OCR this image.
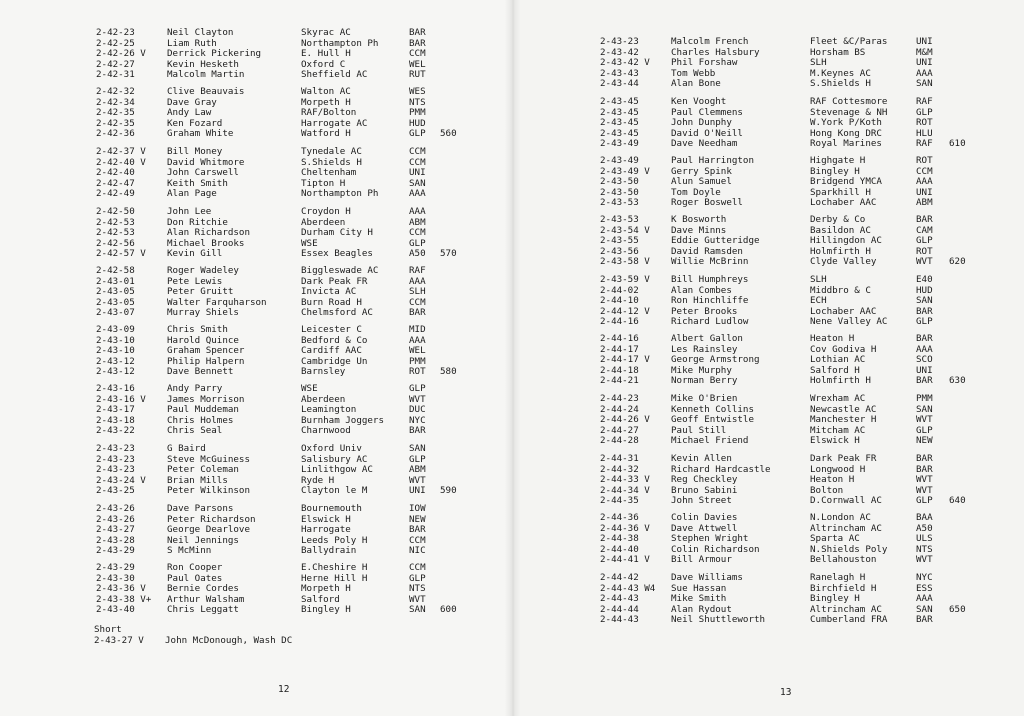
2-42-23	Neil Clayton	Skyrac AC	BAR
2-42-25	Liam Ruth	Northampton Ph	BAR
2-42-26 V Derrick Pickering	E. Hull H	CCM
2-42-27	Kevin Hesketh	Oxford C	WEL
2-42-31	Malcolm Martin	Sheffield AC	RUT
2-42-32	Clive Beauvais	Walton AC	WES
2-42-34	Dave Gray	Morpeth H	NTS
2-42-35	Andy Law	RAF/Bolton	PMM
2-42-35	Ken Fozard	Harrogate AC	HUD
2-42-36	Graham White	Watford H	GLP 560
2-42-37 V Bill Money	Tynedale AC	CCM
2-42-40 V David Whitmore	S.Shields H	CCM
2-42-40	John Carswell	Cheltenham	UNI
2-42-47	Keith Smith	Tipton H	SAN
2-42-49	Alan Page	Northampton Ph	AAA
2-42-50	John Lee	Croydon H	AAA
2-42-53	Don Ritchie	Aberdeen	ABM
2-42-53	Alan Richardson	Durham City H	CCM
2-42-56	Michael Brooks	WSE	GLP
2-42-57 V Kevin Gill	Essex Beagles	A50 570
2-42-58	Roger Wadeley	Biggleswade AC	RAF
2-43-01	Pete Lewis	Dark Peak FR	AAA
2-43-05	Peter Gruitt	Invicta AC	SLH
2-43-05	Walter Farquharson	Burn Road H	CCM
2-43-07	Murray Shiels	Chelmsford AC	BAR
2-43-09	Chris Smith	Leicester C	MID
2-43-10	Harold Quince	Bedford & Co	AAA
2-43-10	Graham Spencer	Cardiff AAC	WEL
2-43-12	Philip Halpern	Cambridge Un	PMM
2-43-12	Dave Bennett	Barnsley	ROT 580
2-43-16	Andy Parry	WSE	GLP
2-43-16 V James Morrison	Aberdeen	WVT
2-43-17	Paul Muddeman	Leamington	DUC
2-43-18	Chris Holmes	Burnham Joggers	NYC
2-43-22	Chris Seal	Charnwood	BAR
2-43-23	G Baird	Oxford Univ	SAN
2-43-23	Steve McGuiness	Salisbury AC	GLP
2-43-23	Peter Coleman	Linlithgow AC	ABM
2-43-24 V Brian Mills	Ryde H	WVT
2-43-25	Peter Wilkinson	Clayton le M	UNI 590
2-43-26	Dave Parsons	Bournemouth	IOW
2-43-26	Peter Richardson	Elswick H	NEW
2-43-27	George Dearlove	Harrogate	BAR
2-43-28	Neil Jennings	Leeds Poly H	CCM
2-43-29	S McMinn	Ballydrain	NIC
2-43-29	Ron Cooper	E.Cheshire H	CCM
2-43-30	Paul Oates	Herne Hill H	GLP
2-43-36 V Bernie Cordes	Morpeth H	NTS
2-43-38 V+ Arthur Walsham	Salford	WVT
2-43-40	Chris Leggatt	Bingley H	SAN 600
Short
2-43-27 V John McDonough, Wash DC
12
2-43-23	Malcolm French	Fleet &C/Paras	UNI
2-43-42	Charles Halsbury	Horsham BS	M&M
2-43-42 V Phil Forshaw	SLH	UNI
2-43-43	Tom Webb	M.Keynes AC	AAA
2-43-44	Alan Bone	S.Shields H	SAN
2-43-45	Ken Vooght	RAF Cottesmore	RAF
2-43-45	Paul Clemmens	Stevenage & NH	GLP
2-43-45	John Dunphy	W.York P/Koth	ROT
2-43-45	David O'Neill	Hong Kong DRC	HLU
2-43-49	Dave Needham	Royal Marines	RAF 610
2-43-49	Paul Harrington	Highgate H	ROT
2-43-49 V Gerry Spink	Bingley H	CCM
2-43-50	Alun Samuel	Bridgend YMCA	AAA
2-43-50	Tom Doyle	Sparkhill H	UNI
2-43-53	Roger Boswell	Lochaber AAC	ABM
2-43-53	K Bosworth	Derby & Co	BAR
2-43-54 V Dave Minns	Basildon AC	CAM
2-43-55	Eddie Gutteridge	Hillingdon AC	GLP
2-43-56	David Ramsden	Holmfirth H	ROT
2-43-58 V Willie McBrinn	Clyde Valley	WVT 620
2-43-59 V Bill Humphreys	SLH	E40
2-44-02	Alan Combes	Middbro & C	HUD
2-44-10	Ron Hinchliffe	ECH	SAN
2-44-12 V Peter Brooks	Lochaber AAC	BAR
2-44-16	Richard Ludlow	Nene Valley AC	GLP
2-44-16	Albert Gallon	Heaton H	BAR
2-44-17	Les Rainsley	Cov Godiva H	AAA
2-44-17 V George Armstrong	Lothian AC	SCO
2-44-18	Mike Murphy	Salford H	UNI
2-44-21	Norman Berry	Holmfirth H	BAR 630
2-44-23	Mike O'Brien	Wrexham AC	PMM
2-44-24	Kenneth Collins	Newcastle AC	SAN
2-44-26 V Geoff Entwistle	Manchester H	WVT
2-44-27	Paul Still	Mitcham AC	GLP
2-44-28	Michael Friend	Elswick H	NEW
2-44-31	Kevin Allen	Dark Peak FR	BAR
2-44-32	Richard Hardcastle	Longwood H	BAR
2-44-33 V Reg Checkley	Heaton H	WVT
2-44-34 V Bruno Sabini	Bolton	WVT
2-44-35	John Street	D.Cornwall AC	GLP 640
2-44-36	Colin Davies	N.London AC	BAA
2-44-36 V Dave Attwell	Altrincham AC	A50
2-44-38	Stephen Wright	Sparta AC	ULS
2-44-40	Colin Richardson	N.Shields Poly	NTS
2-44-41 V Bill Armour	Bellahouston	WVT
2-44-42	Dave Williams	Ranelagh H	NYC
2-44-43 W4 Sue Hassan	Birchfield H	ESS
2-44-43	Mike Smith	Bingley H	AAA
2-44-44	Alan Rydout	Altrincham AC	SAN 650
2-44-43	Neil Shuttleworth	Cumberland FRA	BAR
13
